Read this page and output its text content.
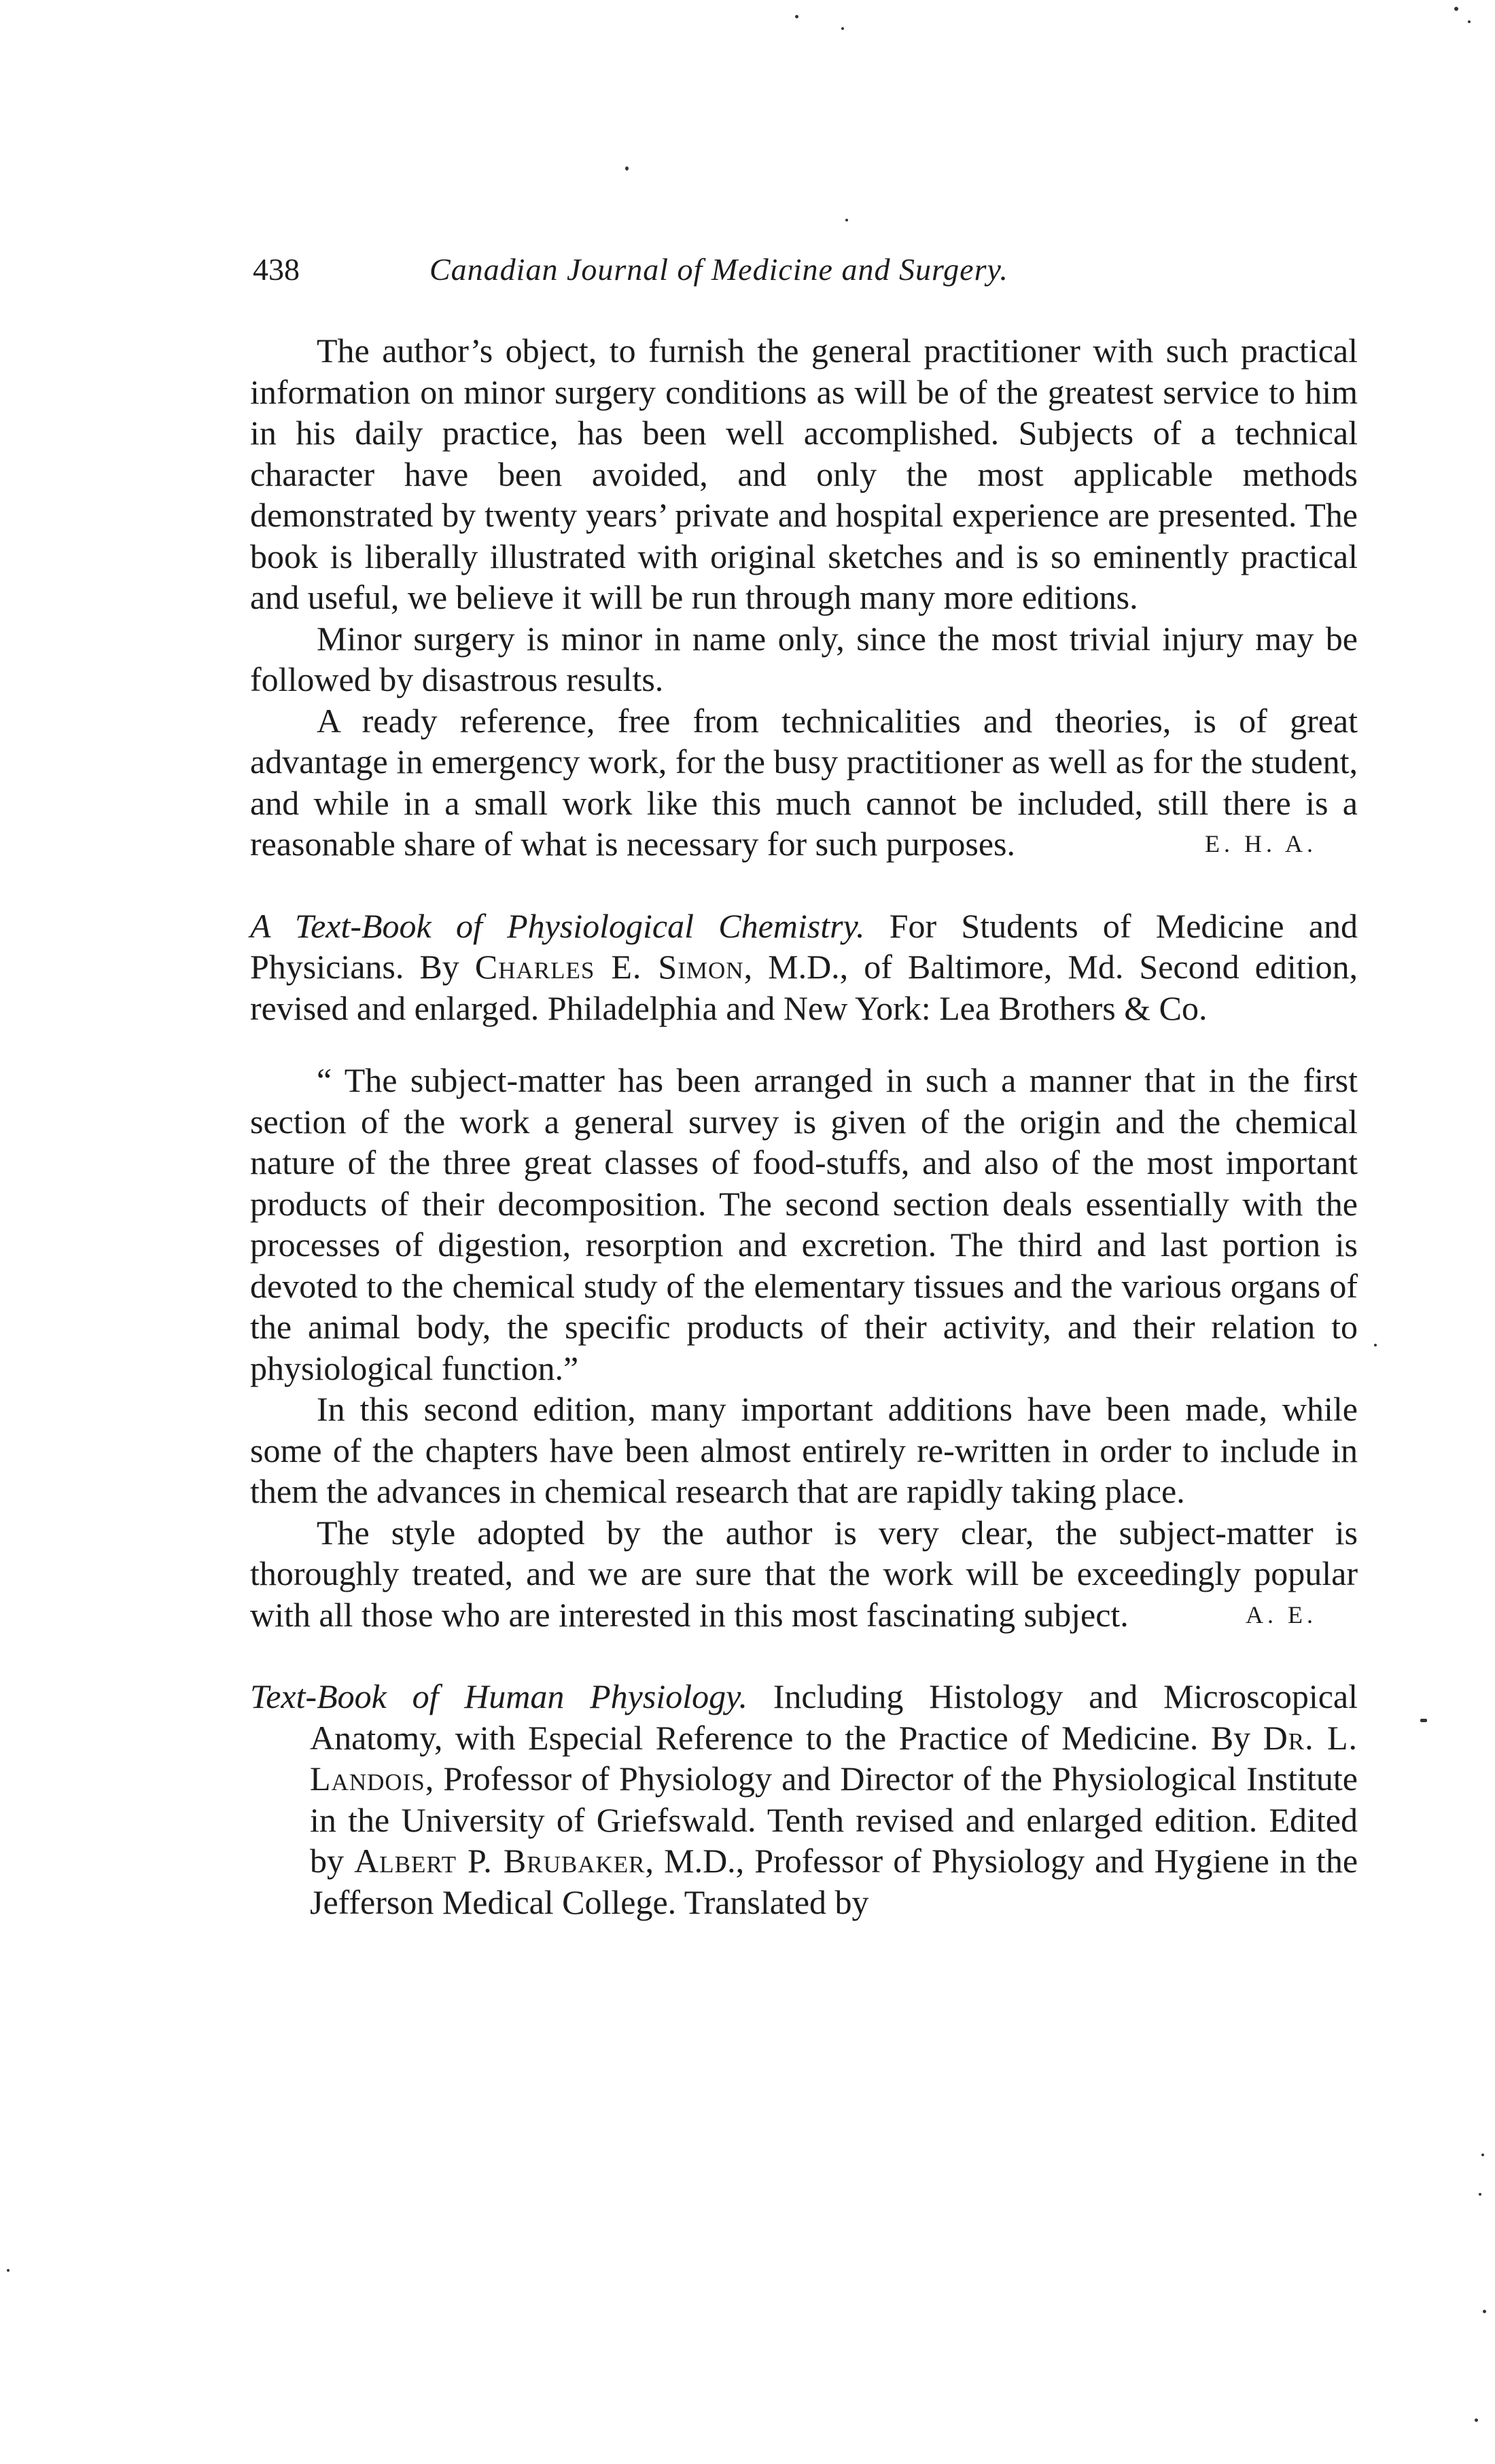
438	Canadian Journal of Medicine and Surgery.

The author’s object, to furnish the general practitioner with such practical information on minor surgery conditions as will be of the greatest service to him in his daily practice, has been well accomplished. Subjects of a technical character have been avoided, and only the most applicable methods demonstrated by twenty years’ private and hospital experience are presented. The book is liberally illustrated with original sketches and is so eminently practical and useful, we believe it will be run through many more editions.

Minor surgery is minor in name only, since the most trivial injury may be followed by disastrous results.

A ready reference, free from technicalities and theories, is of great advantage in emergency work, for the busy practitioner as well as for the student, and while in a small work like this much cannot be included, still there is a reasonable share of what is necessary for such purposes.	E. H. A.

A Text-Book of Physiological Chemistry. For Students of Medicine and Physicians. By Charles E. Simon, M.D., of Baltimore, Md. Second edition, revised and enlarged. Philadelphia and New York: Lea Brothers & Co.

“ The subject-matter has been arranged in such a manner that in the first section of the work a general survey is given of the origin and the chemical nature of the three great classes of food-stuffs, and also of the most important products of their decomposition. The second section deals essentially with the processes of digestion, resorption and excretion. The third and last portion is devoted to the chemical study of the elementary tissues and the various organs of the animal body, the specific products of their activity, and their relation to physiological function.”

In this second edition, many important additions have been made, while some of the chapters have been almost entirely re-written in order to include in them the advances in chemical research that are rapidly taking place.

The style adopted by the author is very clear, the subject-matter is thoroughly treated, and we are sure that the work will be exceedingly popular with all those who are interested in this most fascinating subject.	A. E.

Text-Book of Human Physiology. Including Histology and Microscopical Anatomy, with Especial Reference to the Practice of Medicine. By Dr. L. Landois, Professor of Physiology and Director of the Physiological Institute in the University of Griefswald. Tenth revised and enlarged edition. Edited by Albert P. Brubaker, M.D., Professor of Physiology and Hygiene in the Jefferson Medical College. Translated by
